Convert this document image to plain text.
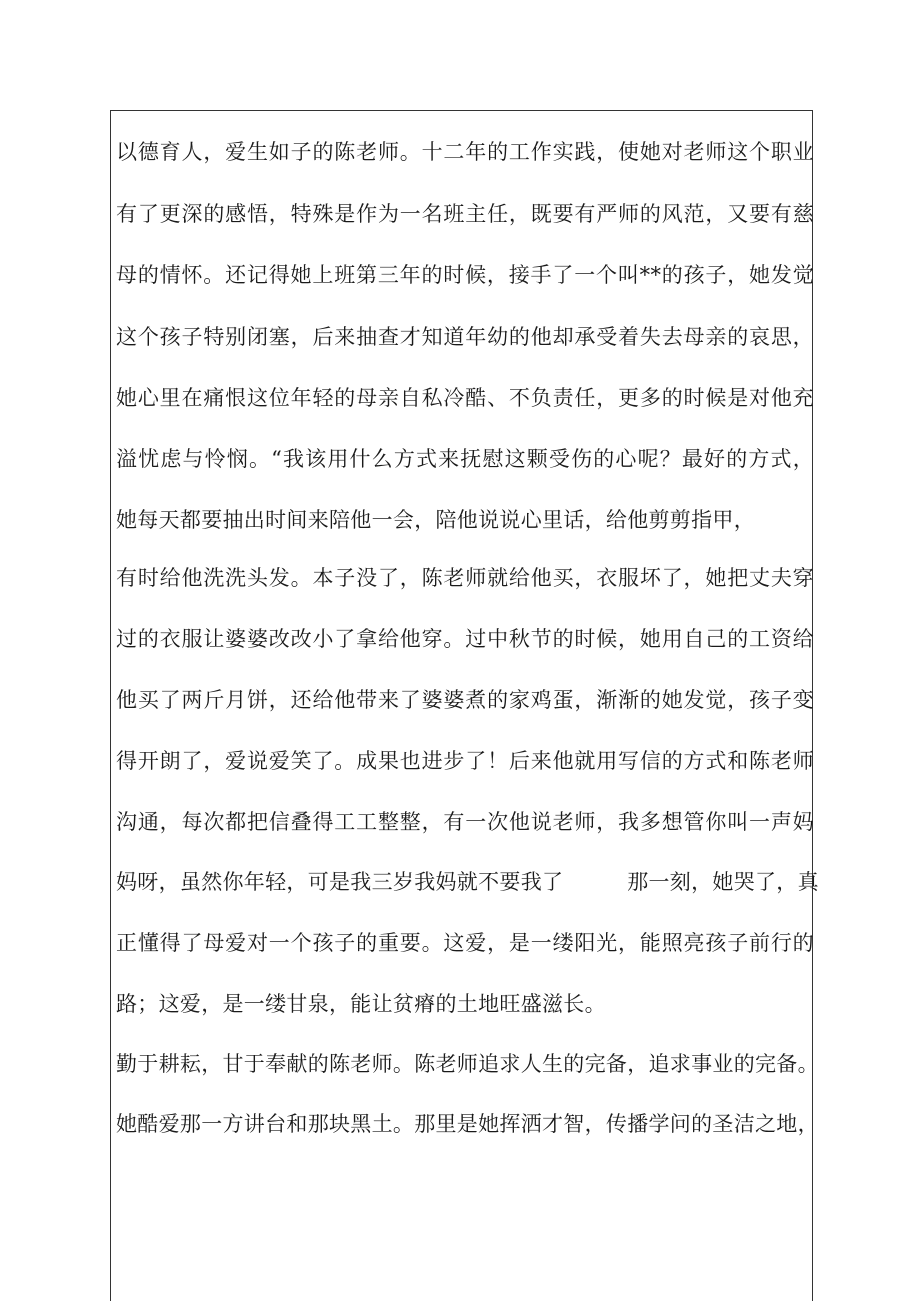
以德育人，爱生如子的陈老师。十二年的工作实践，使她对老师这个职业
有了更深的感悟，特殊是作为一名班主任，既要有严师的风范，又要有慈
母的情怀。还记得她上班第三年的时候，接手了一个叫**的孩子，她发觉
这个孩子特别闭塞，后来抽查才知道年幼的他却承受着失去母亲的哀思，
她心里在痛恨这位年轻的母亲自私冷酷、不负责任，更多的时候是对他充
溢忧虑与怜悯。“我该用什么方式来抚慰这颗受伤的心呢？最好的方式，
她每天都要抽出时间来陪他一会，陪他说说心里话，给他剪剪指甲，
有时给他洗洗头发。本子没了，陈老师就给他买，衣服坏了，她把丈夫穿
过的衣服让婆婆改改小了拿给他穿。过中秋节的时候，她用自己的工资给
他买了两斤月饼，还给他带来了婆婆煮的家鸡蛋，渐渐的她发觉，孩子变
得开朗了，爱说爱笑了。成果也进步了！后来他就用写信的方式和陈老师
沟通，每次都把信叠得工工整整，有一次他说老师，我多想管你叫一声妈
妈呀，虽然你年轻，可是我三岁我妈就不要我了　　　那一刻，她哭了，真
正懂得了母爱对一个孩子的重要。这爱，是一缕阳光，能照亮孩子前行的
路；这爱，是一缕甘泉，能让贫瘠的土地旺盛滋长。
勤于耕耘，甘于奉献的陈老师。陈老师追求人生的完备，追求事业的完备。
她酷爱那一方讲台和那块黑土。那里是她挥洒才智，传播学问的圣洁之地，
